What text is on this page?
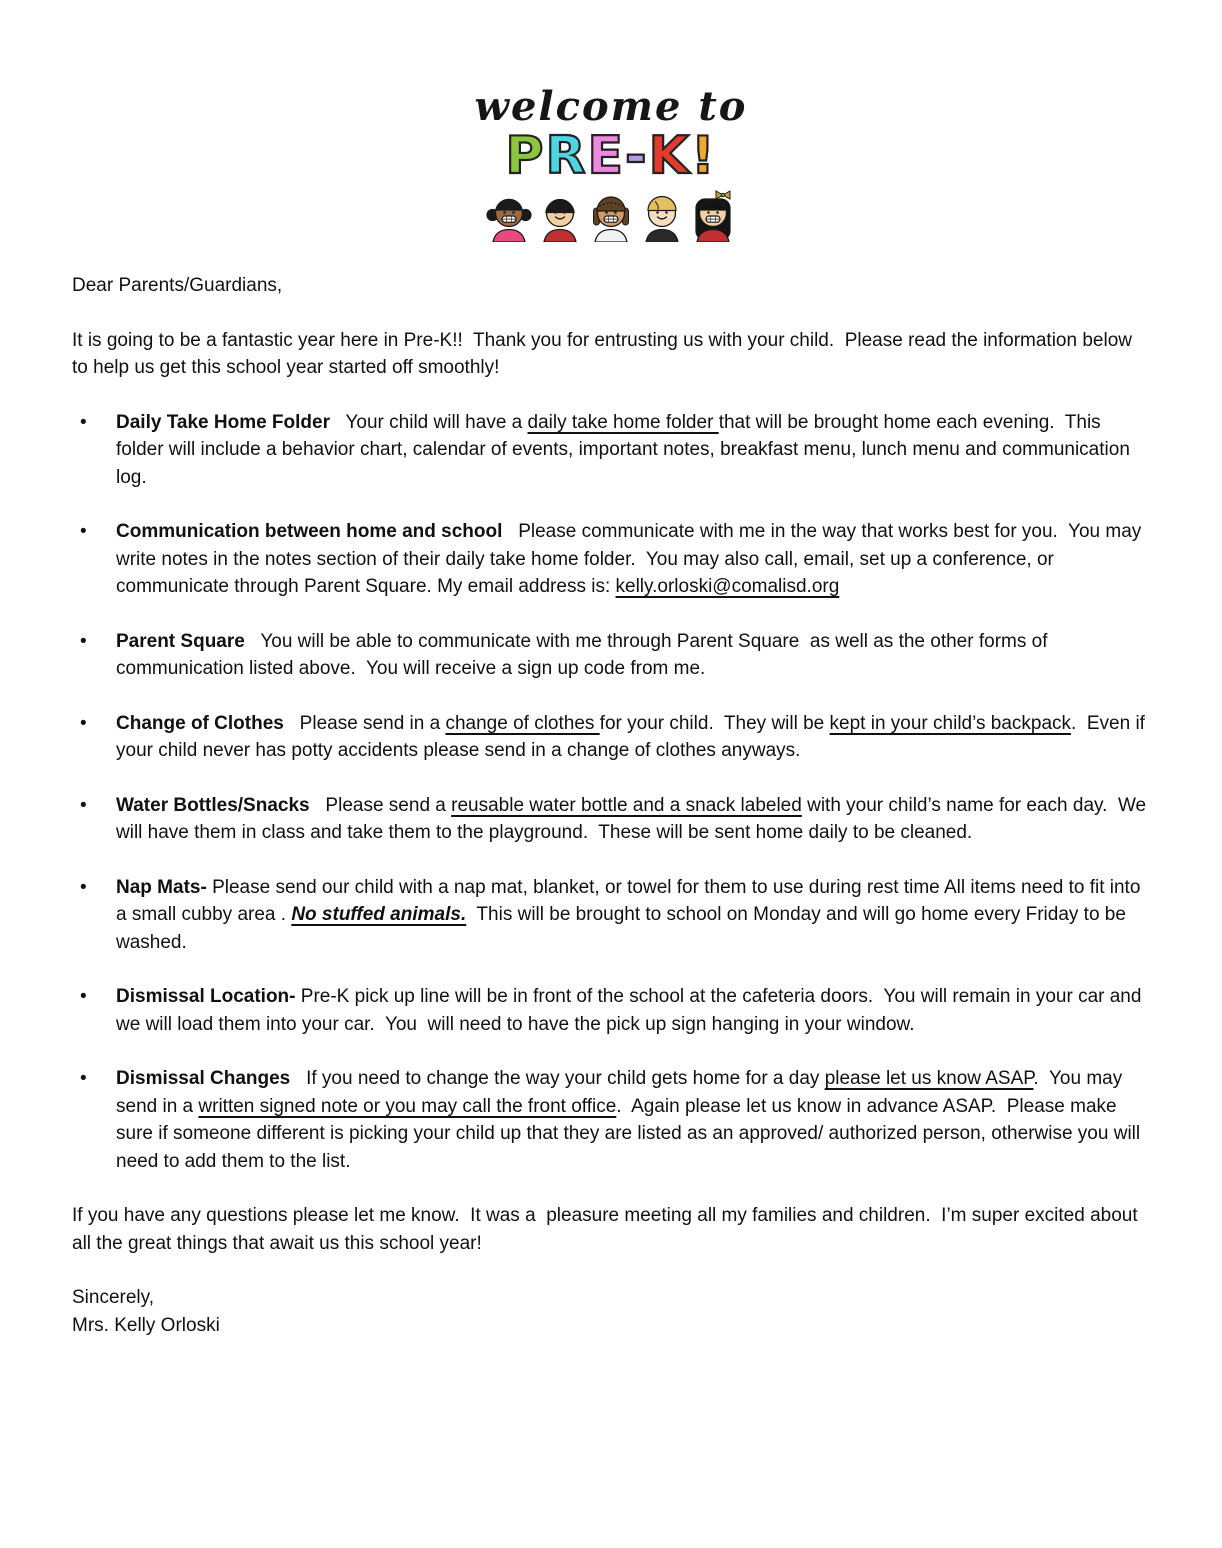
welcome to
P R E - K !

Dear Parents/Guardians,

It is going to be a fantastic year here in Pre-K!!  Thank you for entrusting us with your child.  Please read the information below to help us get this school year started off smoothly!

•	Daily Take Home Folder   Your child will have a daily take home folder that will be brought home each evening.  This folder will include a behavior chart, calendar of events, important notes, breakfast menu, lunch menu and communication log.
•	Communication between home and school   Please communicate with me in the way that works best for you.  You may write notes in the notes section of their daily take home folder.  You may also call, email, set up a conference, or communicate through Parent Square. My email address is: kelly.orloski@comalisd.org
•	Parent Square   You will be able to communicate with me through Parent Square  as well as the other forms of communication listed above.  You will receive a sign up code from me.
•	Change of Clothes   Please send in a change of clothes for your child.  They will be kept in your child’s backpack.  Even if your child never has potty accidents please send in a change of clothes anyways.
•	Water Bottles/Snacks   Please send a reusable water bottle and a snack labeled with your child’s name for each day.  We will have them in class and take them to the playground.  These will be sent home daily to be cleaned.
•	Nap Mats- Please send our child with a nap mat, blanket, or towel for them to use during rest time All items need to fit into a small cubby area . No stuffed animals.  This will be brought to school on Monday and will go home every Friday to be washed.
•	Dismissal Location- Pre-K pick up line will be in front of the school at the cafeteria doors.  You will remain in your car and we will load them into your car.  You  will need to have the pick up sign hanging in your window.
•	Dismissal Changes   If you need to change the way your child gets home for a day please let us know ASAP.  You may send in a written signed note or you may call the front office.  Again please let us know in advance ASAP.  Please make sure if someone different is picking your child up that they are listed as an approved/ authorized person, otherwise you will need to add them to the list.

If you have any questions please let me know.  It was a  pleasure meeting all my families and children.  I’m super excited about all the great things that await us this school year!

Sincerely,

Mrs. Kelly Orloski
